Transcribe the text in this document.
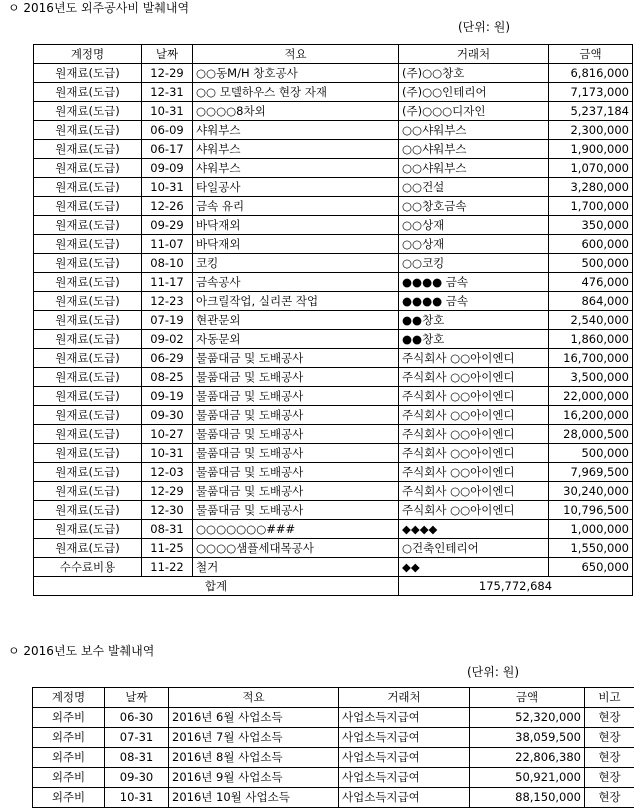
ㅇ 2016년도 외주공사비 발췌내역
(단위: 원)
계정명	날짜	적요	거래처	금액
원재료(도급)	12-29	○○동M/H 창호공사	(주)○○창호	6,816,000
원재료(도급)	12-31	○○ 모델하우스 현장 자재	(주)○○인테리어	7,173,000
원재료(도급)	10-31	○○○○8차외	(주)○○○디자인	5,237,184
원재료(도급)	06-09	샤워부스	○○샤워부스	2,300,000
원재료(도급)	06-17	샤워부스	○○샤워부스	1,900,000
원재료(도급)	09-09	샤워부스	○○샤워부스	1,070,000
원재료(도급)	10-31	타일공사	○○건설	3,280,000
원재료(도급)	12-26	금속 유리	○○창호금속	1,700,000
원재료(도급)	09-29	바닥재외	○○상재	350,000
원재료(도급)	11-07	바닥재외	○○상재	600,000
원재료(도급)	08-10	코킹	○○코킹	500,000
원재료(도급)	11-17	금속공사	●●●● 금속	476,000
원재료(도급)	12-23	아크릴작업, 실리콘 작업	●●●● 금속	864,000
원재료(도급)	07-19	현관문외	●●창호	2,540,000
원재료(도급)	09-02	자동문외	●●창호	1,860,000
원재료(도급)	06-29	물품대금 및 도배공사	주식회사 ○○아이엔디	16,700,000
원재료(도급)	08-25	물품대금 및 도배공사	주식회사 ○○아이엔디	3,500,000
원재료(도급)	09-19	물품대금 및 도배공사	주식회사 ○○아이엔디	22,000,000
원재료(도급)	09-30	물품대금 및 도배공사	주식회사 ○○아이엔디	16,200,000
원재료(도급)	10-27	물품대금 및 도배공사	주식회사 ○○아이엔디	28,000,500
원재료(도급)	10-31	물품대금 및 도배공사	주식회사 ○○아이엔디	500,000
원재료(도급)	12-03	물품대금 및 도배공사	주식회사 ○○아이엔디	7,969,500
원재료(도급)	12-29	물품대금 및 도배공사	주식회사 ○○아이엔디	30,240,000
원재료(도급)	12-30	물품대금 및 도배공사	주식회사 ○○아이엔디	10,796,500
원재료(도급)	08-31	○○○○○○○###	◆◆◆◆	1,000,000
원재료(도급)	11-25	○○○○샘플세대목공사	○건축인테리어	1,550,000
수수료비용	11-22	철거	◆◆	650,000
합계			175,772,684	
ㅇ 2016년도 보수 발췌내역
(단위: 원)
계정명	날짜	적요	거래처	금액	비고
외주비	06-30	2016년 6월 사업소득	사업소득지급여	52,320,000	현장
외주비	07-31	2016년 7월 사업소득	사업소득지급여	38,059,500	현장
외주비	08-31	2016년 8월 사업소득	사업소득지급여	22,806,380	현장
외주비	09-30	2016년 9월 사업소득	사업소득지급여	50,921,000	현장
외주비	10-31	2016년 10월 사업소득	사업소득지급여	88,150,000	현장
